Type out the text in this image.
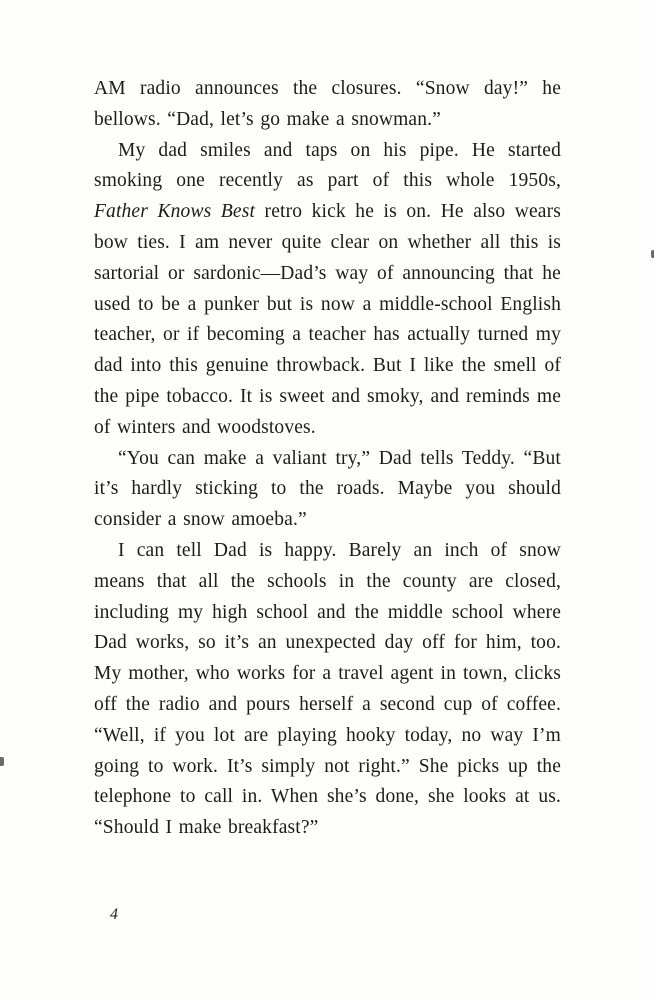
AM radio announces the closures. “Snow day!” he bellows. “Dad, let’s go make a snowman.”

My dad smiles and taps on his pipe. He started smoking one recently as part of this whole 1950s, Father Knows Best retro kick he is on. He also wears bow ties. I am never quite clear on whether all this is sartorial or sardonic—Dad’s way of announcing that he used to be a punker but is now a middle-school English teacher, or if becoming a teacher has actually turned my dad into this genuine throwback. But I like the smell of the pipe tobacco. It is sweet and smoky, and reminds me of winters and woodstoves.

“You can make a valiant try,” Dad tells Teddy. “But it’s hardly sticking to the roads. Maybe you should consider a snow amoeba.”

I can tell Dad is happy. Barely an inch of snow means that all the schools in the county are closed, including my high school and the middle school where Dad works, so it’s an unexpected day off for him, too. My mother, who works for a travel agent in town, clicks off the radio and pours herself a second cup of coffee. “Well, if you lot are playing hooky today, no way I’m going to work. It’s simply not right.” She picks up the telephone to call in. When she’s done, she looks at us. “Should I make breakfast?”

4
